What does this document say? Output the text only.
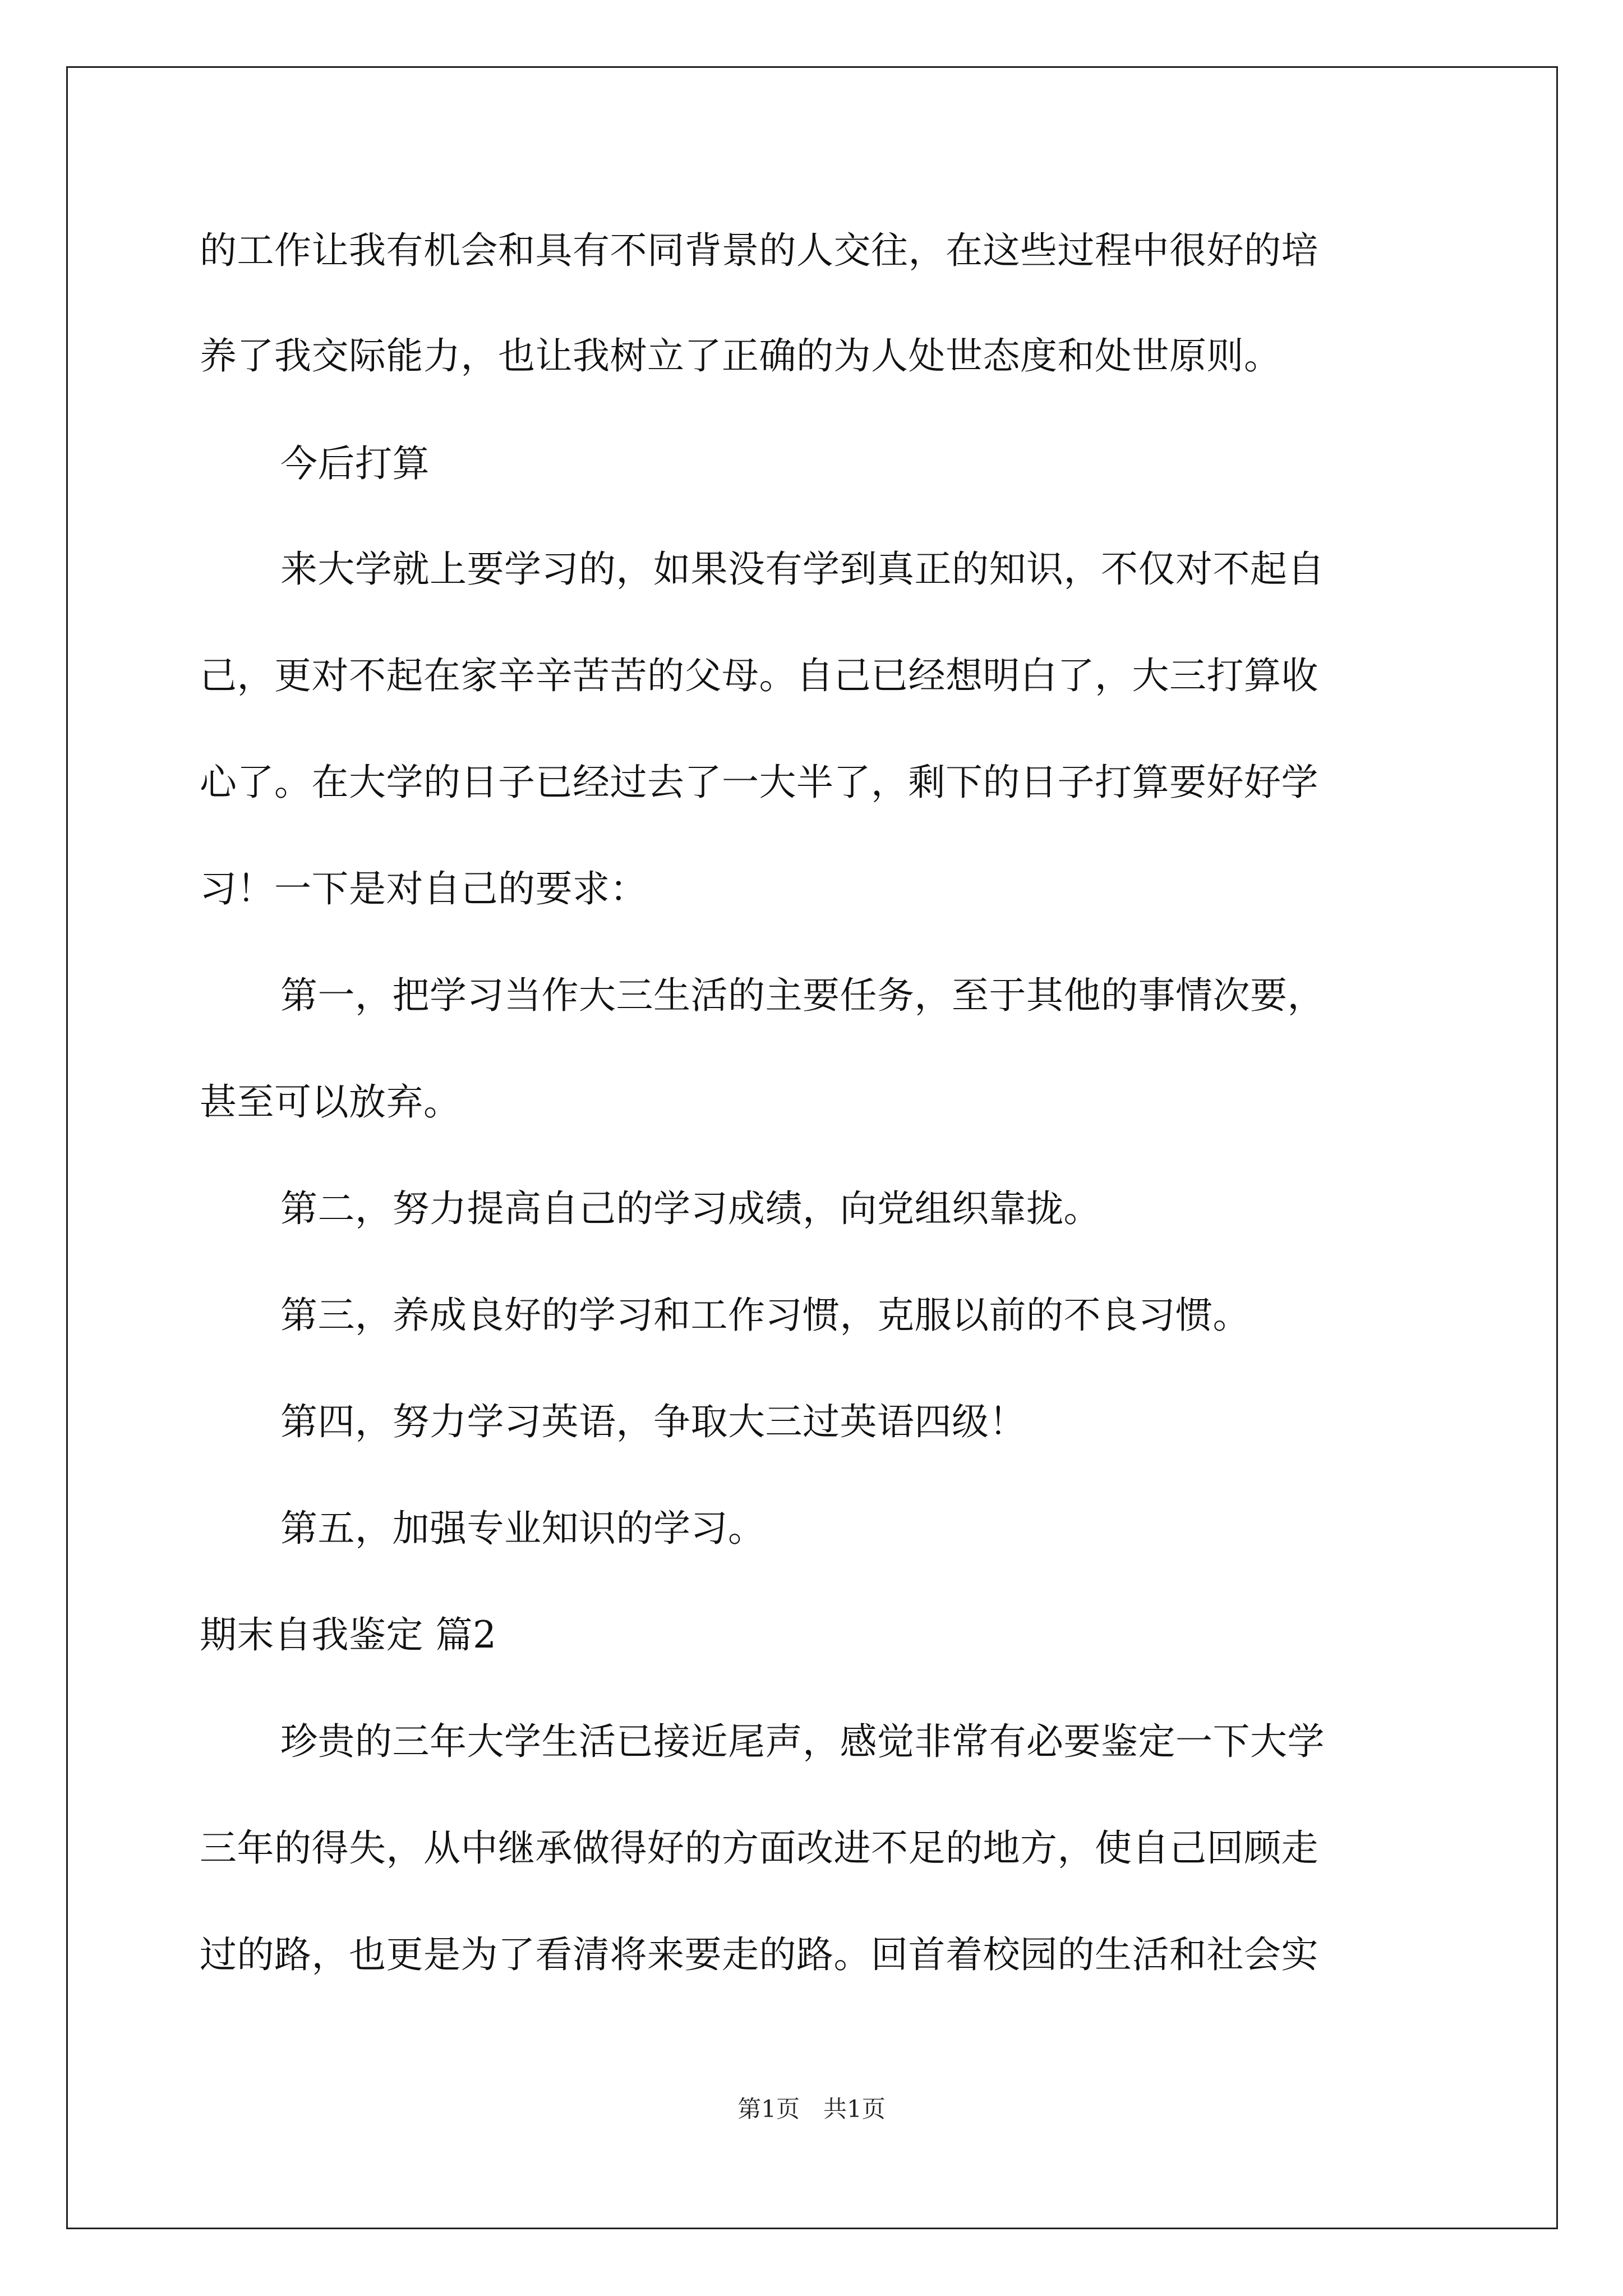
的工作让我有机会和具有不同背景的人交往，在这些过程中很好的培
养了我交际能力，也让我树立了正确的为人处世态度和处世原则。
今后打算
来大学就上要学习的，如果没有学到真正的知识，不仅对不起自
己，更对不起在家辛辛苦苦的父母。自己已经想明白了，大三打算收
心了。在大学的日子已经过去了一大半了，剩下的日子打算要好好学
习！一下是对自己的要求：
第一，把学习当作大三生活的主要任务，至于其他的事情次要，
甚至可以放弃。
第二，努力提高自己的学习成绩，向党组织靠拢。
第三，养成良好的学习和工作习惯，克服以前的不良习惯。
第四，努力学习英语，争取大三过英语四级！
第五，加强专业知识的学习。
期末自我鉴定 篇2
珍贵的三年大学生活已接近尾声，感觉非常有必要鉴定一下大学
三年的得失，从中继承做得好的方面改进不足的地方，使自己回顾走
过的路，也更是为了看清将来要走的路。回首着校园的生活和社会实
第1页　共1页
